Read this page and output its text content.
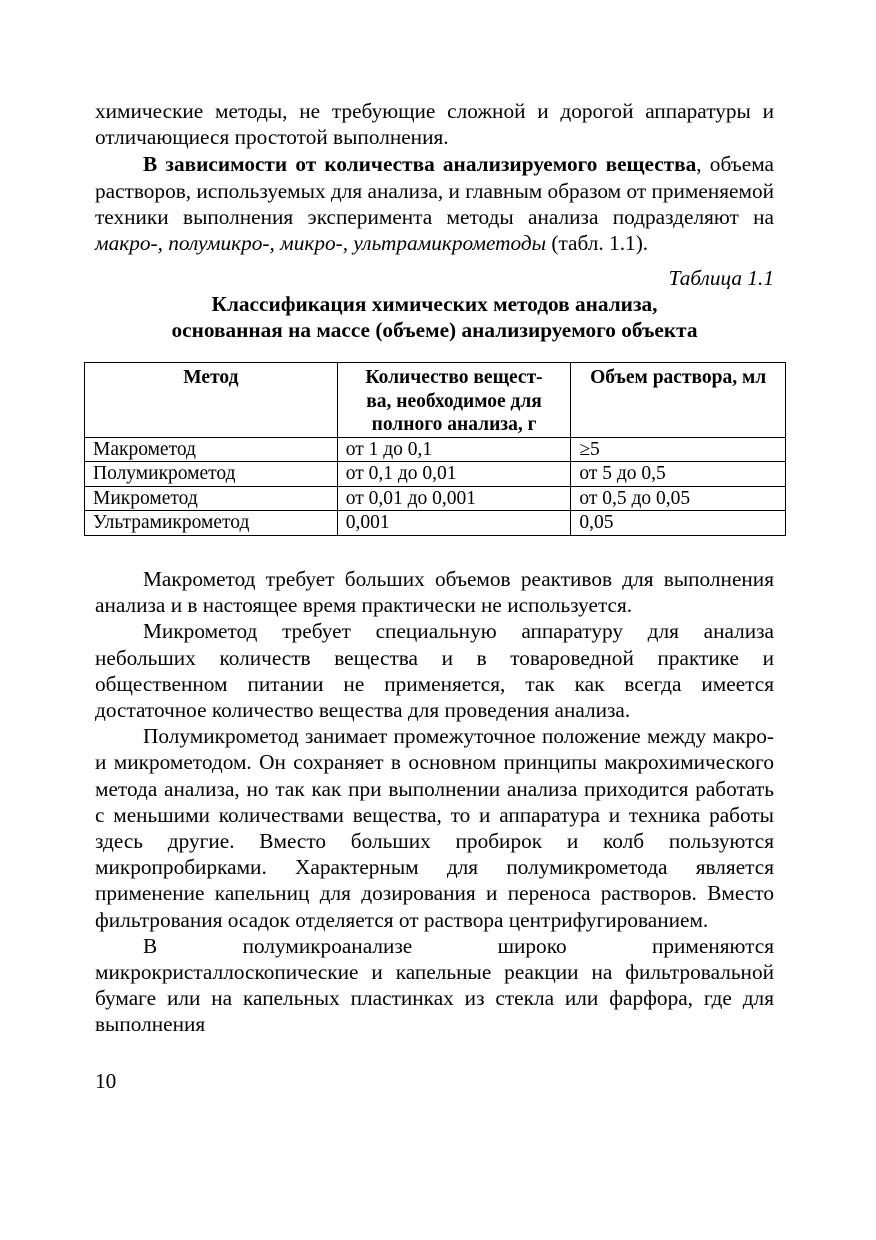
химические методы, не требующие сложной и дорогой аппаратуры и отличающиеся простотой выполнения.

В зависимости от количества анализируемого вещества, объема растворов, используемых для анализа, и главным образом от применяемой техники выполнения эксперимента методы анализа подразделяют на макро-, полумикро-, микро-, ультрамикрометоды (табл. 1.1).

Таблица 1.1

Классификация химических методов анализа,

основанная на массе (объеме) анализируемого объекта

Метод	Количество вещест-
ва, необходимое для
полного анализа, г	Объем раствора, мл
Макрометод	от 1 до 0,1	≥5
Полумикрометод	от 0,1 до 0,01	от 5 до 0,5
Микрометод	от 0,01 до 0,001	от 0,5 до 0,05
Ультрамикрометод	0,001	0,05

Макрометод требует больших объемов реактивов для выполнения анализа и в настоящее время практически не используется.

Микрометод требует специальную аппаратуру для анализа небольших количеств вещества и в товароведной практике и общественном питании не применяется, так как всегда имеется достаточное количество вещества для проведения анализа.

Полумикрометод занимает промежуточное положение между макро- и микрометодом. Он сохраняет в основном принципы макрохимического метода анализа, но так как при выполнении анализа приходится работать с меньшими количествами вещества, то и аппаратура и техника работы здесь другие. Вместо больших пробирок и колб пользуются микропробирками. Характерным для полумикрометода является применение капельниц для дозирования и переноса растворов. Вместо фильтрования осадок отделяется от раствора центрифугированием.

В полумикроанализе широко применяются микрокристаллоскопические и капельные реакции на фильтровальной бумаге или на капельных пластинках из стекла или фарфора, где для выполнения

10
